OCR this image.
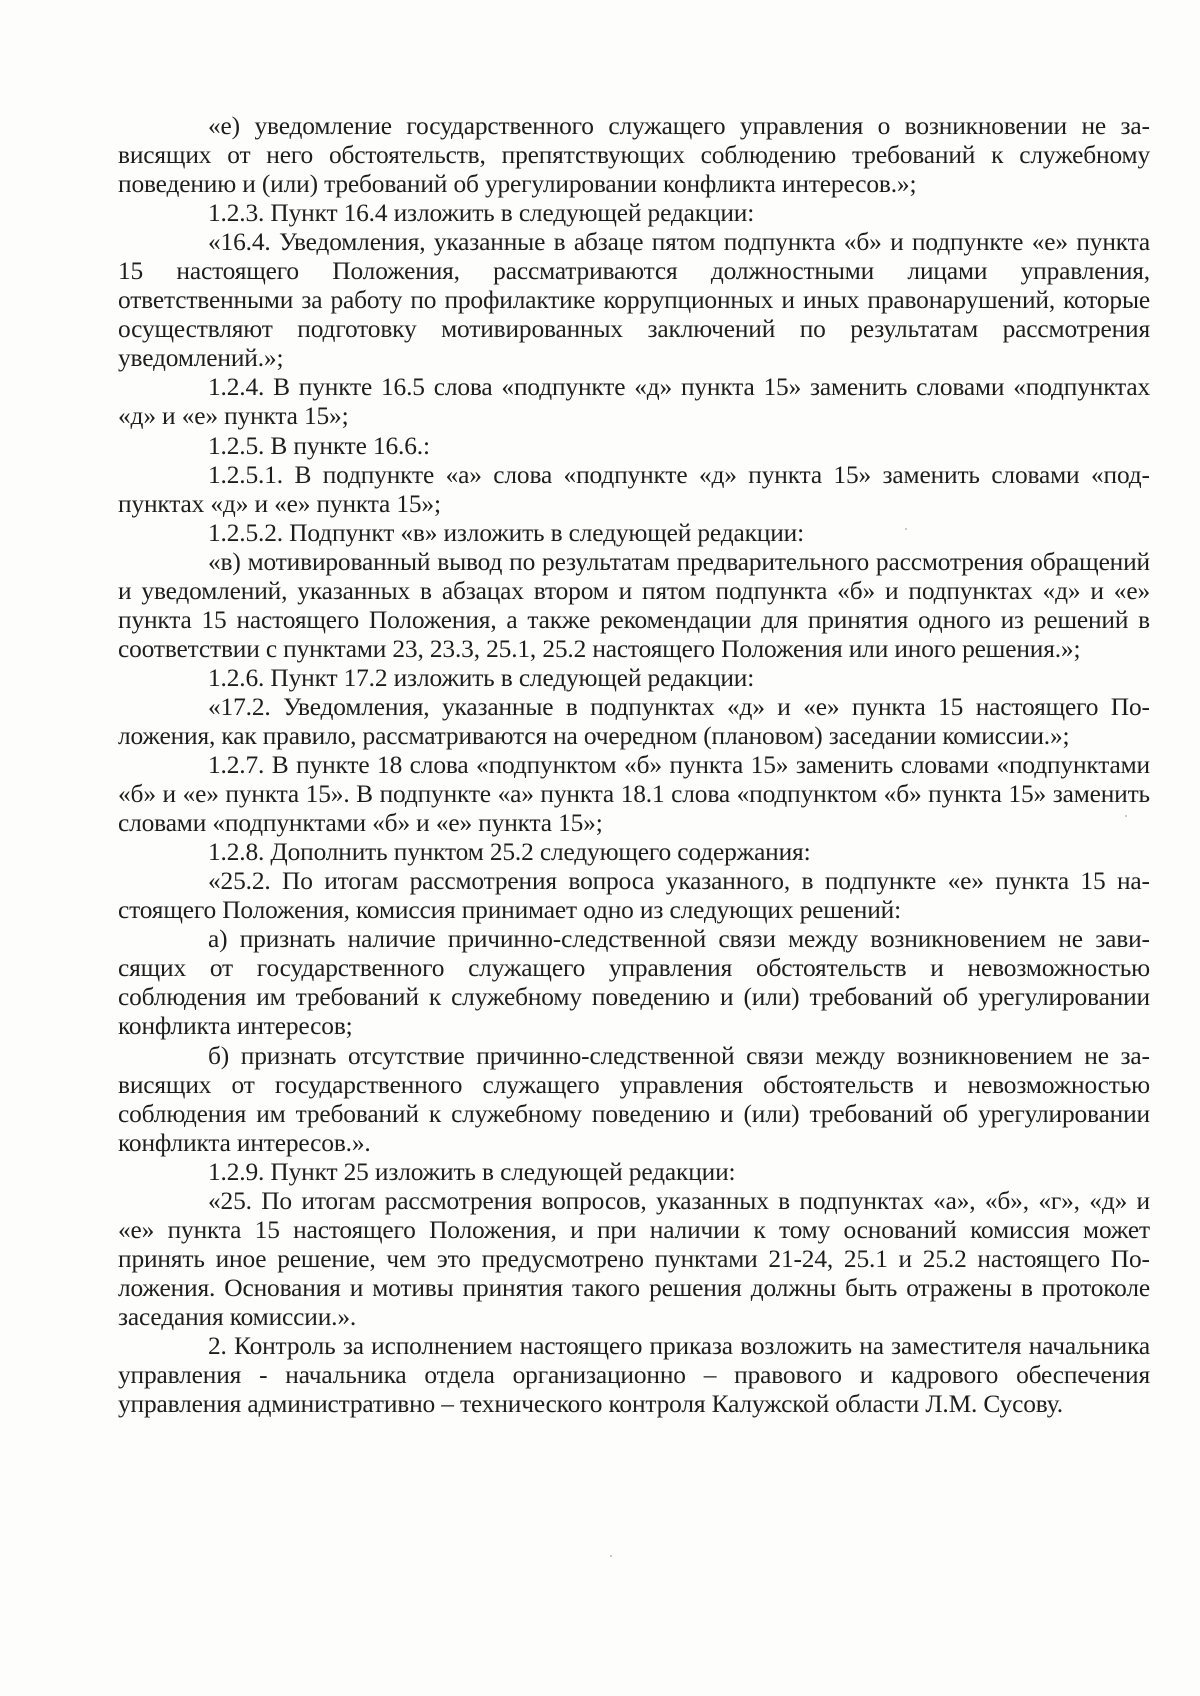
«е) уведомление государственного служащего управления о возникновении не зависящих от него обстоятельств, препятствующих соблюдению требований к служебному поведению и (или) требований об урегулировании конфликта интересов.»;

1.2.3. Пункт 16.4 изложить в следующей редакции:

«16.4. Уведомления, указанные в абзаце пятом подпункта «б» и подпункте «е» пункта 15 настоящего Положения, рассматриваются должностными лицами управления, ответственными за работу по профилактике коррупционных и иных правонарушений, которые осуществляют подготовку мотивированных заключений по результатам рассмотрения уведомлений.»;

1.2.4. В пункте 16.5 слова «подпункте «д» пункта 15» заменить словами «подпунктах «д» и «е» пункта 15»;

1.2.5. В пункте 16.6.:

1.2.5.1. В подпункте «а» слова «подпункте «д» пункта 15» заменить словами «подпунктах «д» и «е» пункта 15»;

1.2.5.2. Подпункт «в» изложить в следующей редакции:

«в) мотивированный вывод по результатам предварительного рассмотрения обращений и уведомлений, указанных в абзацах втором и пятом подпункта «б» и подпунктах «д» и «е» пункта 15 настоящего Положения, а также рекомендации для принятия одного из решений в соответствии с пунктами 23, 23.3, 25.1, 25.2 настоящего Положения или иного решения.»;

1.2.6. Пункт 17.2 изложить в следующей редакции:

«17.2. Уведомления, указанные в подпунктах «д» и «е» пункта 15 настоящего Положения, как правило, рассматриваются на очередном (плановом) заседании комиссии.»;

1.2.7. В пункте 18 слова «подпунктом «б» пункта 15» заменить словами «подпунктами «б» и «е» пункта 15». В подпункте «а» пункта 18.1 слова «подпунктом «б» пункта 15» заменить словами «подпунктами «б» и «е» пункта 15»;

1.2.8. Дополнить пунктом 25.2 следующего содержания:

«25.2. По итогам рассмотрения вопроса указанного, в подпункте «е» пункта 15 настоящего Положения, комиссия принимает одно из следующих решений:

а) признать наличие причинно-следственной связи между возникновением не зависящих от государственного служащего управления обстоятельств и невозможностью соблюдения им требований к служебному поведению и (или) требований об урегулировании конфликта интересов;

б) признать отсутствие причинно-следственной связи между возникновением не зависящих от государственного служащего управления обстоятельств и невозможностью соблюдения им требований к служебному поведению и (или) требований об урегулировании конфликта интересов.».

1.2.9. Пункт 25 изложить в следующей редакции:

«25. По итогам рассмотрения вопросов, указанных в подпунктах «а», «б», «г», «д» и «е» пункта 15 настоящего Положения, и при наличии к тому оснований комиссия может принять иное решение, чем это предусмотрено пунктами 21-24, 25.1 и 25.2 настоящего Положения. Основания и мотивы принятия такого решения должны быть отражены в протоколе заседания комиссии.».

2. Контроль за исполнением настоящего приказа возложить на заместителя начальника управления - начальника отдела организационно – правового и кадрового обеспечения управления административно – технического контроля Калужской области Л.М. Сусову.
